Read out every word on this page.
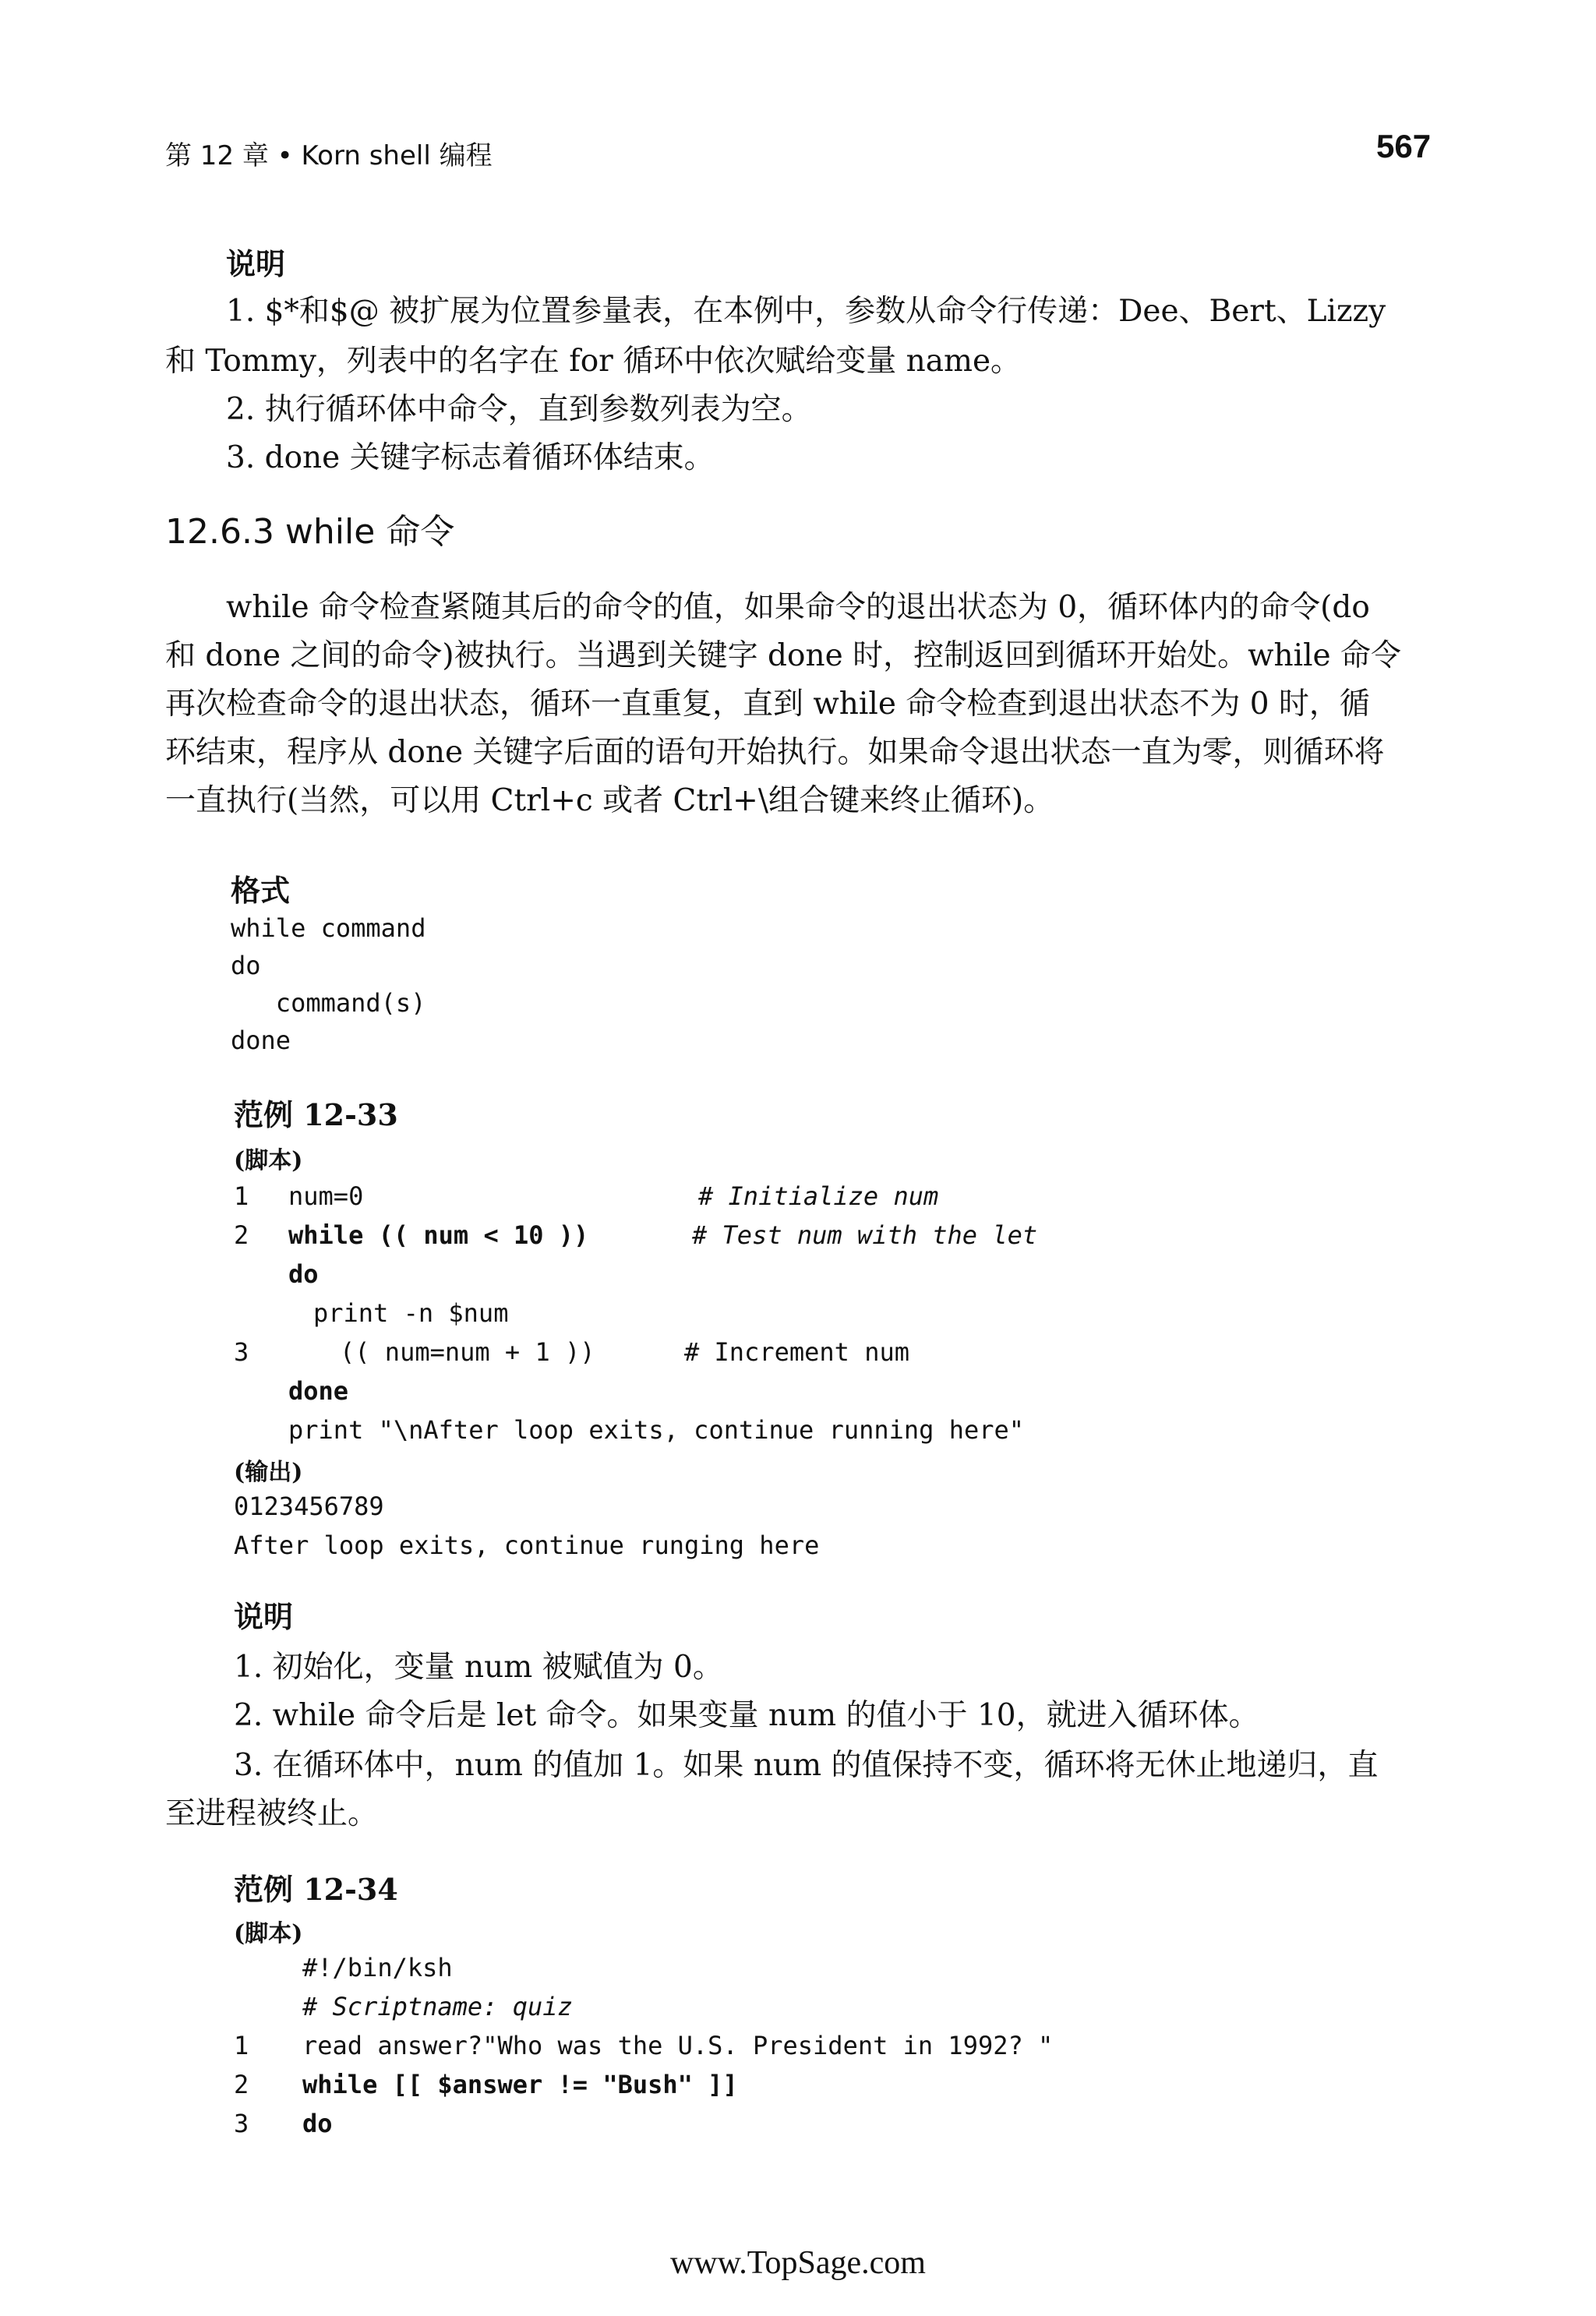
第 12 章 • Korn shell 编程	567
说明
1. $*和$@ 被扩展为位置参量表，在本例中，参数从命令行传递：Dee、Bert、Lizzy
和 Tommy，列表中的名字在 for 循环中依次赋给变量 name。
2. 执行循环体中命令，直到参数列表为空。
3. done 关键字标志着循环体结束。
12.6.3 while 命令
while 命令检查紧随其后的命令的值，如果命令的退出状态为 0，循环体内的命令(do
和 done 之间的命令)被执行。当遇到关键字 done 时，控制返回到循环开始处。while 命令
再次检查命令的退出状态，循环一直重复，直到 while 命令检查到退出状态不为 0 时，循
环结束，程序从 done 关键字后面的语句开始执行。如果命令退出状态一直为零，则循环将
一直执行(当然，可以用 Ctrl+c 或者 Ctrl+\组合键来终止循环)。
格式
while command
do
command(s)
done
范例 12-33
(脚本)
1 num=0	# Initialize num
2 while (( num < 10 ))	# Test num with the let
do
print -n $num
3	(( num=num + 1 ))	# Increment num
done
print "\nAfter loop exits, continue running here"
(输出)
0123456789
After loop exits, continue runging here
说明
1. 初始化，变量 num 被赋值为 0。
2. while 命令后是 let 命令。如果变量 num 的值小于 10，就进入循环体。
3. 在循环体中，num 的值加 1。如果 num 的值保持不变，循环将无休止地递归，直
至进程被终止。
范例 12-34
(脚本)
#!/bin/ksh
# Scriptname: quiz
1 read answer?"Who was the U.S. President in 1992? "
2 while [[ $answer != "Bush" ]]
3 do
www.TopSage.com
